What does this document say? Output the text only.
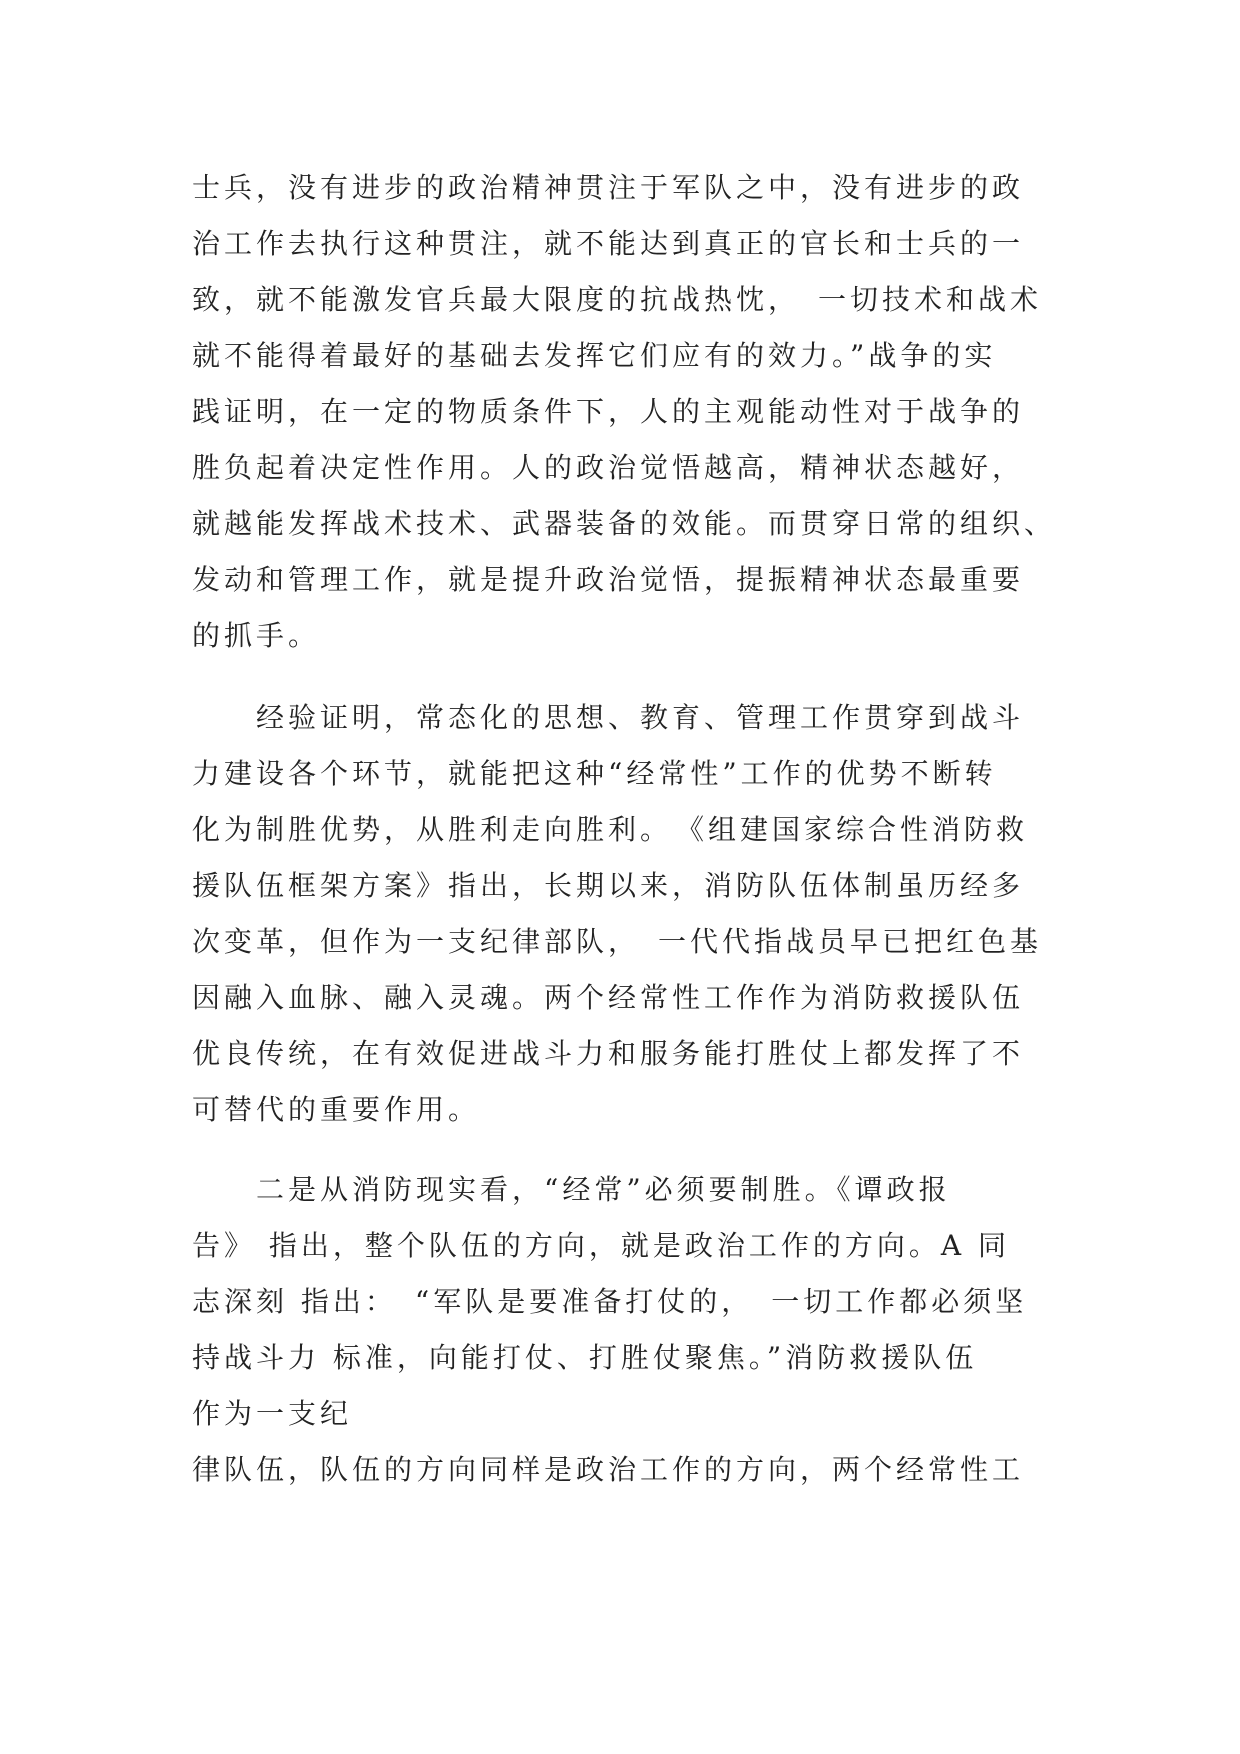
士兵，没有进步的政治精神贯注于军队之中，没有进步的政
治工作去执行这种贯注，就不能达到真正的官长和士兵的一
致，就不能激发官兵最大限度的抗战热忱，　一切技术和战术
就不能得着最好的基础去发挥它们应有的效力。”战争的实
践证明，在一定的物质条件下，人的主观能动性对于战争的
胜负起着决定性作用。人的政治觉悟越高，精神状态越好，
就越能发挥战术技术、武器装备的效能。而贯穿日常的组织、
发动和管理工作，就是提升政治觉悟，提振精神状态最重要
的抓手。
　　经验证明，常态化的思想、教育、管理工作贯穿到战斗
力建设各个环节，就能把这种“经常性”工作的优势不断转
化为制胜优势，从胜利走向胜利。　《组建国家综合性消防救
援队伍框架方案》指出，长期以来，消防队伍体制虽历经多
次变革，但作为一支纪律部队，　一代代指战员早已把红色基
因融入血脉、融入灵魂。两个经常性工作作为消防救援队伍
优良传统，在有效促进战斗力和服务能打胜仗上都发挥了不
可替代的重要作用。
　　二是从消防现实看，“经常”必须要制胜。《谭政报
告》 指出，整个队伍的方向，就是政治工作的方向。A 同
志深刻 指出：　“军队是要准备打仗的，　一切工作都必须坚
持战斗力 标准，向能打仗、打胜仗聚焦。”消防救援队伍
作为一支纪
律队伍，队伍的方向同样是政治工作的方向，两个经常性工
